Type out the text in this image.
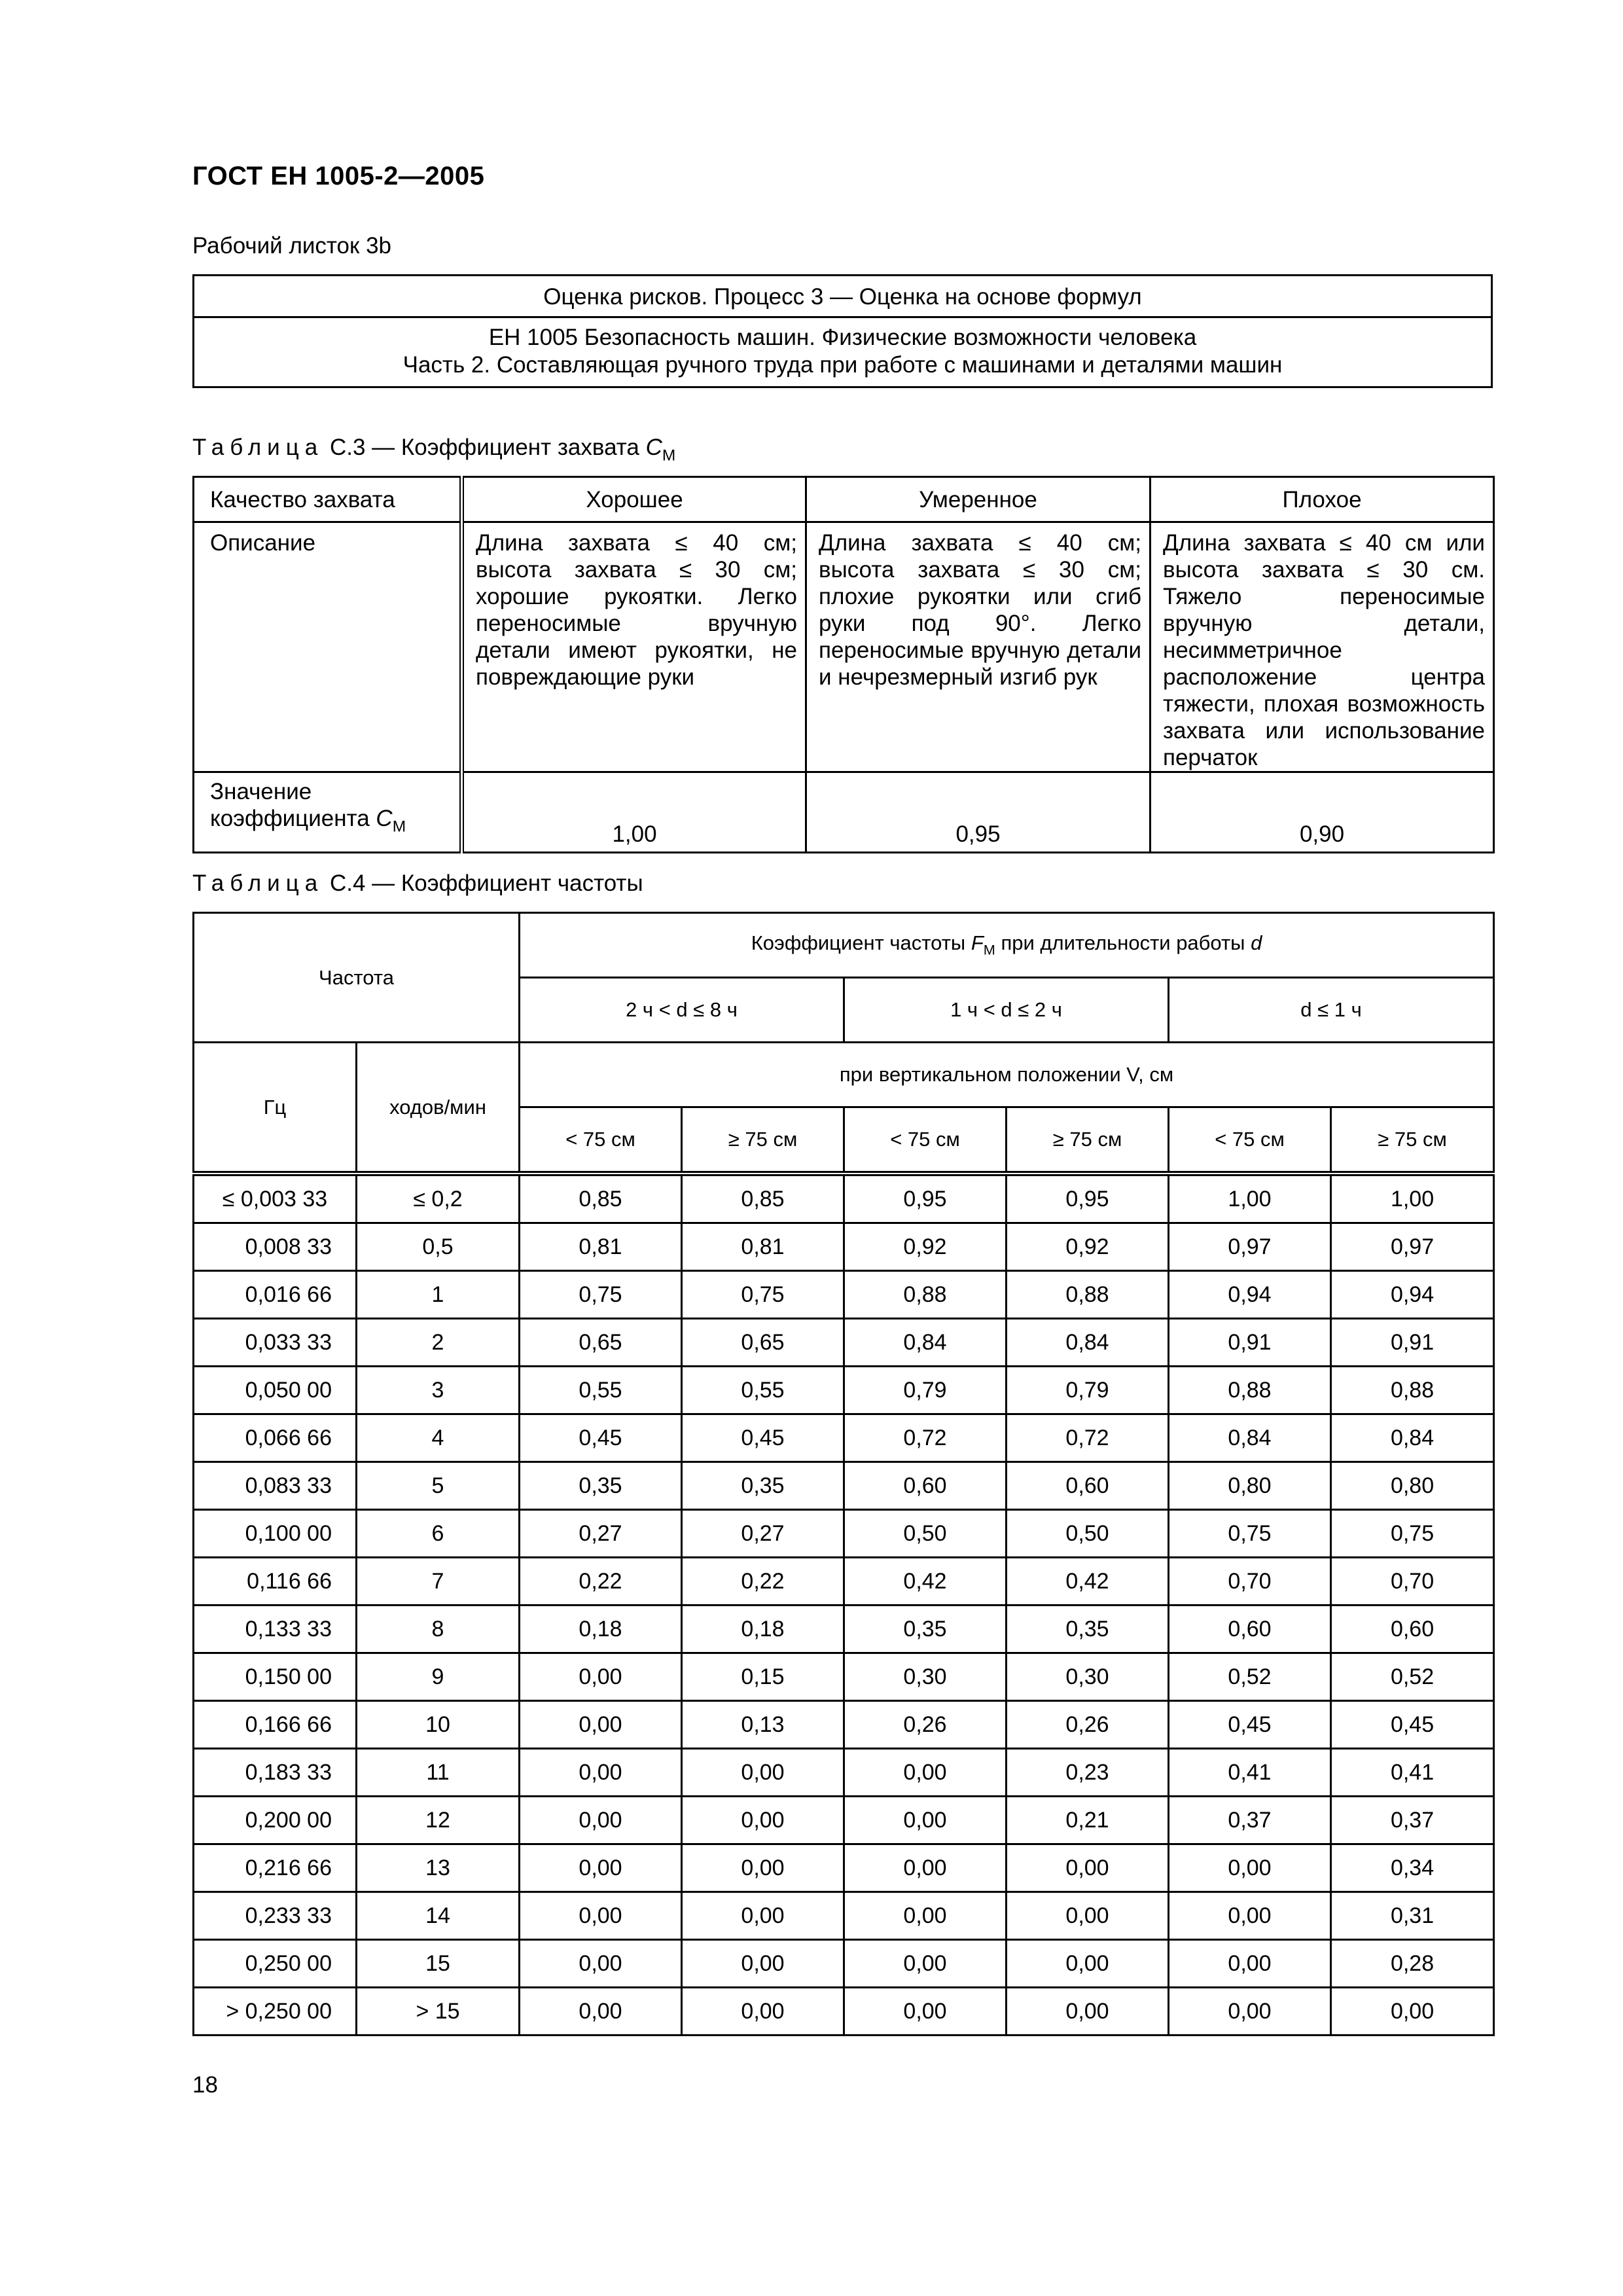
ГОСТ ЕН 1005-2—2005
Рабочий листок 3b
Оценка рисков. Процесс 3 — Оценка на основе формул
ЕН 1005 Безопасность машин. Физические возможности человека
Часть 2. Составляющая ручного труда при работе с машинами и деталями машин
Таблица С.3 — Коэффициент захвата $C_M$
Качество захвата	Хорошее	Умеренное	Плохое
Описание	Длина захвата ≤ 40 см; высота захвата ≤ 30 см; хорошие рукоятки. Легко переносимые вручную детали имеют рукоятки, не повреждающие руки	Длина захвата ≤ 40 см; высота захвата ≤ 30 см; плохие рукоятки или сгиб руки под 90°. Легко переносимые вручную детали и нечрезмерный изгиб рук	Длина захвата ≤ 40 см или высота захвата ≤ 30 см. Тяжело переносимые вручную детали, несимметричное расположение центра тяжести, плохая возможность захвата или использование перчаток

Значение коэффициента $C_M$	1,00	0,95	0,90
Таблица С.4 — Коэффициент частоты
Частота		Коэффициент частоты $F_M$ при длительности работы d					
		2 ч < d ≤ 8 ч		1 ч < d ≤ 2 ч		d ≤ 1 ч	
Гц	ходов/мин	при вертикальном положении V, см					
		< 75 см	≥ 75 см	< 75 см	≥ 75 см	< 75 см	≥ 75 см
≤ 0,003 33	≤ 0,2	0,85	0,85	0,95	0,95	1,00	1,00
0,008 33	0,5	0,81	0,81	0,92	0,92	0,97	0,97
0,016 66	1	0,75	0,75	0,88	0,88	0,94	0,94
0,033 33	2	0,65	0,65	0,84	0,84	0,91	0,91
0,050 00	3	0,55	0,55	0,79	0,79	0,88	0,88
0,066 66	4	0,45	0,45	0,72	0,72	0,84	0,84
0,083 33	5	0,35	0,35	0,60	0,60	0,80	0,80
0,100 00	6	0,27	0,27	0,50	0,50	0,75	0,75
0,116 66	7	0,22	0,22	0,42	0,42	0,70	0,70
0,133 33	8	0,18	0,18	0,35	0,35	0,60	0,60
0,150 00	9	0,00	0,15	0,30	0,30	0,52	0,52
0,166 66	10	0,00	0,13	0,26	0,26	0,45	0,45
0,183 33	11	0,00	0,00	0,00	0,23	0,41	0,41
0,200 00	12	0,00	0,00	0,00	0,21	0,37	0,37
0,216 66	13	0,00	0,00	0,00	0,00	0,00	0,34
0,233 33	14	0,00	0,00	0,00	0,00	0,00	0,31
0,250 00	15	0,00	0,00	0,00	0,00	0,00	0,28
> 0,250 00	> 15	0,00	0,00	0,00	0,00	0,00	0,00
18
